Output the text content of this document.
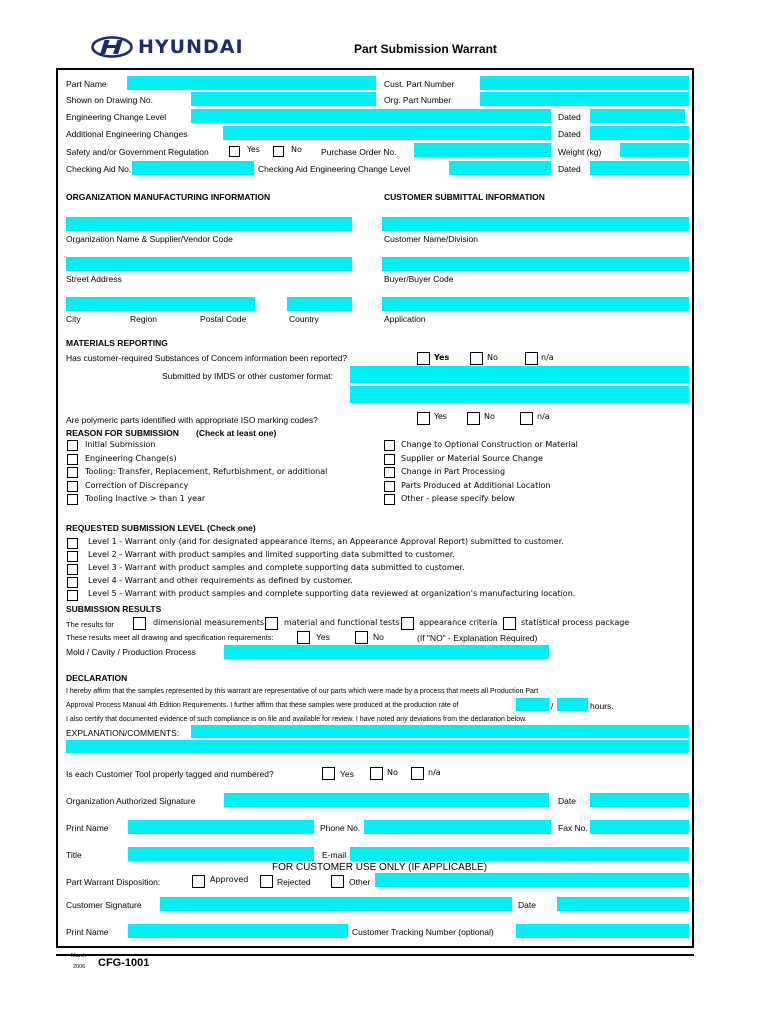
HYUNDAI	Part Submission Warrant
Part Name	Cust. Part Number
Shown on Drawing No.	Org. Part Number
Engineering Change Level	Dated
Additional Engineering Changes	Dated
Safety and/or Government Regulation	Yes	No Purchase Order No.	Weight (kg)
Checking Aid No.	Checking Aid Engineering Change Level	Dated
ORGANIZATION MANUFACTURING INFORMATION	CUSTOMER SUBMITTAL INFORMATION
Organization Name & Supplier/Vendor Code	Customer Name/Division
Street Address	Buyer/Buyer Code
City	Region	Postal Code	Country	Application
MATERIALS REPORTING
Has customer-required Substances of Concem information been reported?	Yes	No	n/a
Submitted by IMDS or other customer format:
Are polymeric parts identified with appropriate ISO marking codes?	Yes	No	n/a
REASON FOR SUBMISSION (Check at least one)
Initial Submission
Engineering Change(s)
Tooling: Transfer, Replacement, Refurbishment, or additional
Correction of Discrepancy
Tooling Inactive > than 1 year
Change to Optional Construction or Material
Supplier or Material Source Change
Change in Part Processing
Parts Produced at Additional Location
Other - please specify below
REQUESTED SUBMISSION LEVEL (Check one)
Level 1 - Warrant only (and for designated appearance items, an Appearance Approval Report) submitted to customer.
Level 2 - Warrant with product samples and limited supporting data submitted to customer.
Level 3 - Warrant with product samples and complete supporting data submitted to customer.
Level 4 - Warrant and other requirements as defined by customer.
Level 5 - Warrant with product samples and complete supporting data reviewed at organization's manufacturing location.
SUBMISSION RESULTS
The results for	dimensional measurements material and functional tests appearance criteria	statistical process package
These results meet all drawing and specification requirements:	Yes	No	(If "NO" - Explanation Required)
Mold / Cavity / Production Process
DECLARATION
I hereby affirm that the samples represented by this warrant are representative of our parts which were made by a process that meets all Production Part
Approval Process Manual 4th Edition Requirements. I further affirm that these samples were produced at the production rate of	/	hours.
I also certify that documented evidence of such compliance is on file and available for review. I have noted any deviations from the declaration below.
EXPLANATION/COMMENTS:
Is each Customer Tool properly tagged and numbered?	Yes	No	n/a
Organization Authorized Signature	Date
Print Name	Phone No.	Fax No.
Title	E-mail
FOR CUSTOMER USE ONLY (IF APPLICABLE)
Part Warrant Disposition:	Approved	Rejected	Other
Customer Signature	Date
Print Name	Customer Tracking Number (optional)
March
2006 CFG-1001
